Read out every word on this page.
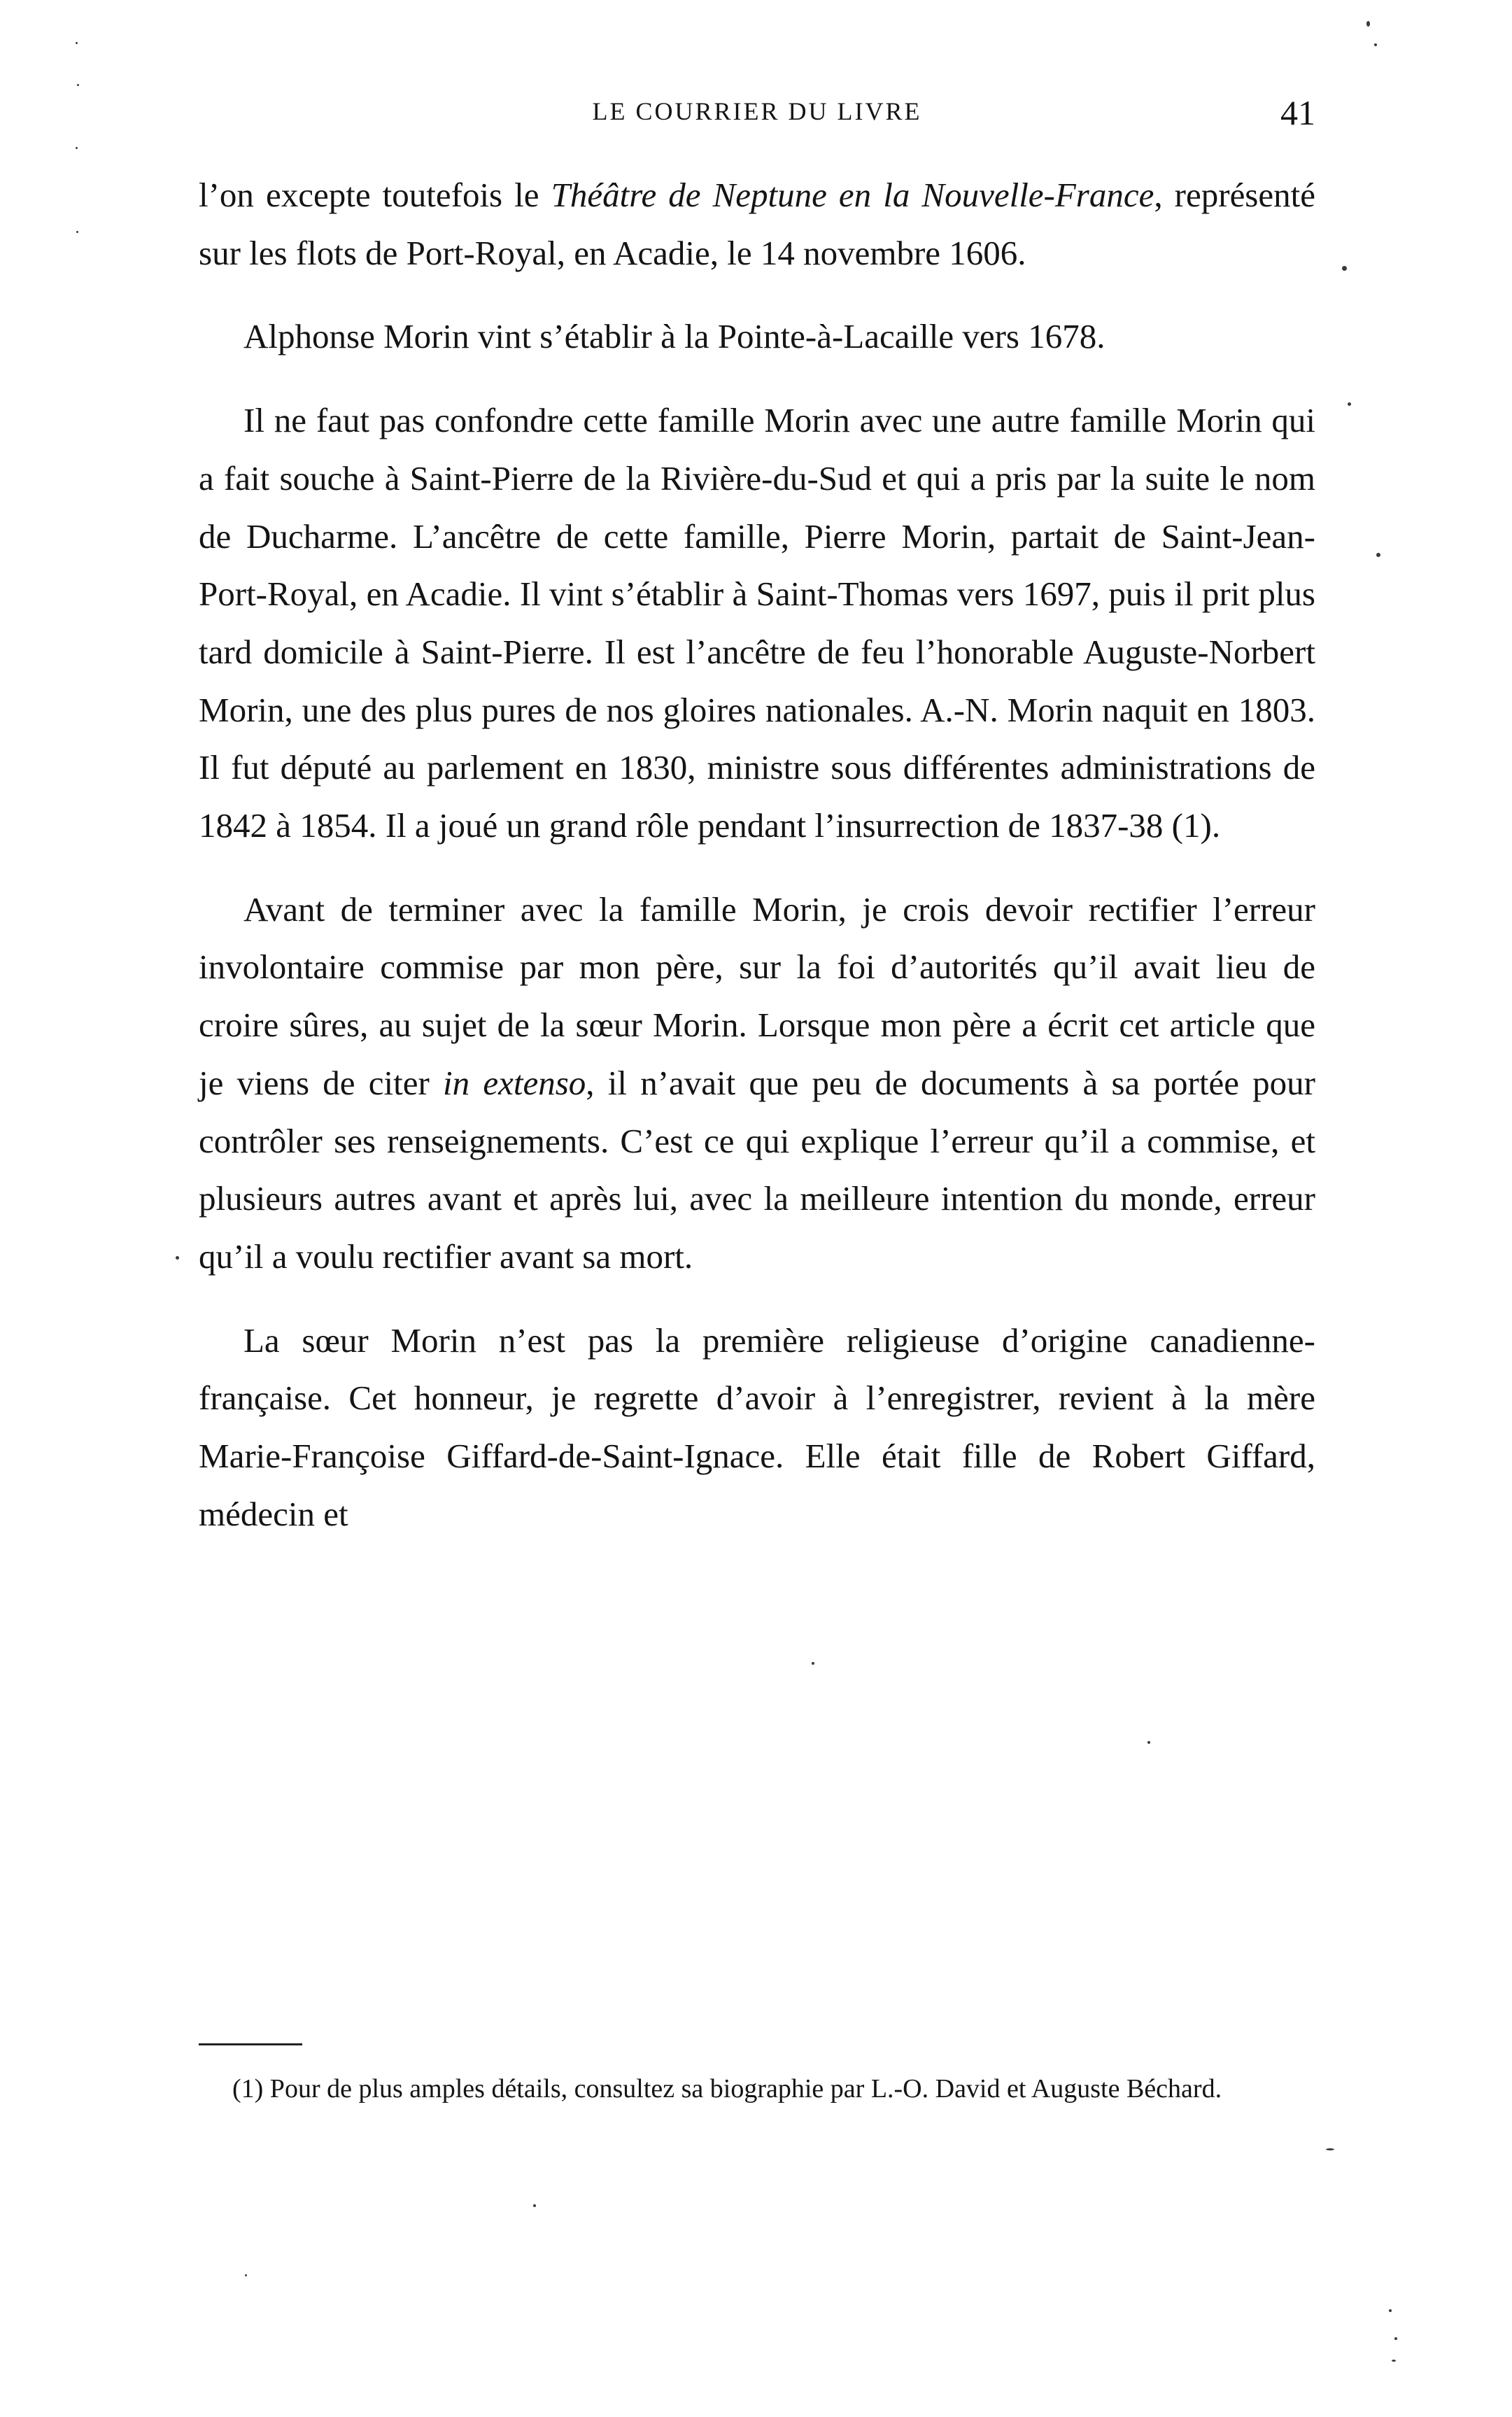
LE COURRIER DU LIVRE	41

l’on excepte toutefois le Théâtre de Neptune en la Nouvelle-France, représenté sur les flots de Port-Royal, en Acadie, le 14 novembre 1606.

Alphonse Morin vint s’établir à la Pointe-à-Lacaille vers 1678.

Il ne faut pas confondre cette famille Morin avec une autre famille Morin qui a fait souche à Saint-Pierre de la Rivière-du-Sud et qui a pris par la suite le nom de Ducharme. L’ancêtre de cette famille, Pierre Morin, partait de Saint-Jean-Port-Royal, en Acadie. Il vint s’établir à Saint-Thomas vers 1697, puis il prit plus tard domicile à Saint-Pierre. Il est l’ancêtre de feu l’honorable Auguste-Norbert Morin, une des plus pures de nos gloires nationales. A.-N. Morin naquit en 1803. Il fut député au parlement en 1830, ministre sous différentes administrations de 1842 à 1854. Il a joué un grand rôle pendant l’insurrection de 1837-38 (1).

Avant de terminer avec la famille Morin, je crois devoir rectifier l’erreur involontaire commise par mon père, sur la foi d’autorités qu’il avait lieu de croire sûres, au sujet de la sœur Morin. Lorsque mon père a écrit cet article que je viens de citer in extenso, il n’avait que peu de documents à sa portée pour contrôler ses renseignements. C’est ce qui explique l’erreur qu’il a commise, et plusieurs autres avant et après lui, avec la meilleure intention du monde, erreur qu’il a voulu rectifier avant sa mort.

La sœur Morin n’est pas la première religieuse d’origine canadienne-française. Cet honneur, je regrette d’avoir à l’enregistrer, revient à la mère Marie-Françoise Giffard-de-Saint-Ignace. Elle était fille de Robert Giffard, médecin et

(1) Pour de plus amples détails, consultez sa biographie par L.-O. David et Auguste Béchard.
